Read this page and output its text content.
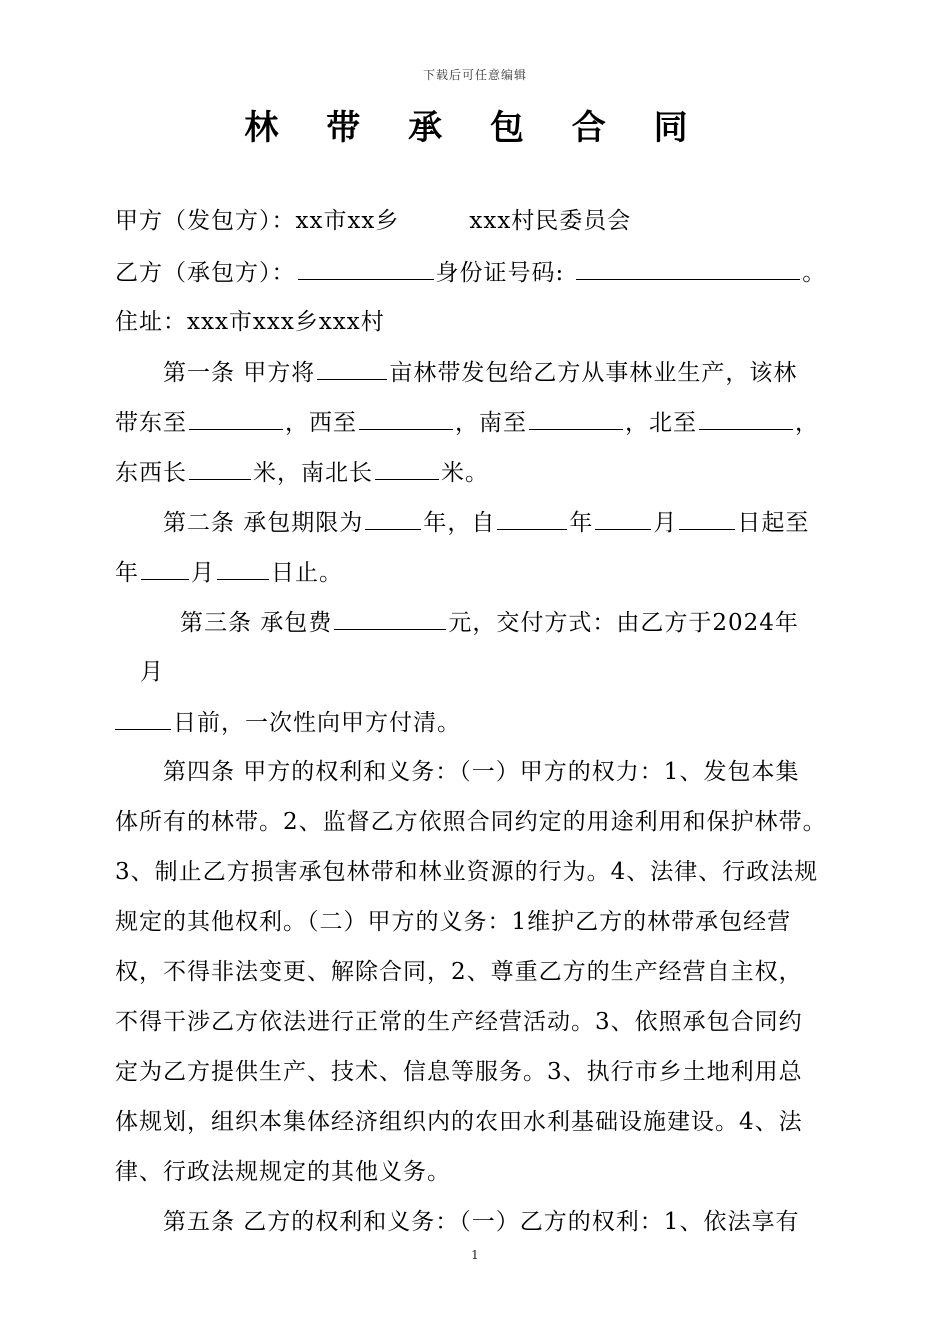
下载后可任意编辑
林 带 承 包 合 同
甲方（发包方）：xx市xx乡	xxx村民委员会
乙方（承包方）：	身份证号码:	。
住址：xxx市xxx乡xxx村
第一条 甲方将	亩林带发包给乙方从事林业生产，该林
带东至	，西至	，南至	，北至	，
东西长	米，南北长	米。
第二条 承包期限为	年，自	年	月	日起至
年 月 日止。
第三条 承包费	元，交付方式：由乙方于2024年
月
日前，一次性向甲方付清。
第四条 甲方的权利和义务：（一）甲方的权力：1、发包本集
体所有的林带。2、监督乙方依照合同约定的用途利用和保护林带。
3、制止乙方损害承包林带和林业资源的行为。4、法律、行政法规
规定的其他权利。（二）甲方的义务：1维护乙方的林带承包经营
权，不得非法变更、解除合同，2、尊重乙方的生产经营自主权，
不得干涉乙方依法进行正常的生产经营活动。3、依照承包合同约
定为乙方提供生产、技术、信息等服务。3、执行市乡土地利用总
体规划，组织本集体经济组织内的农田水利基础设施建设。4、法
律、行政法规规定的其他义务。
第五条 乙方的权利和义务：（一）乙方的权利：1、依法享有
1
